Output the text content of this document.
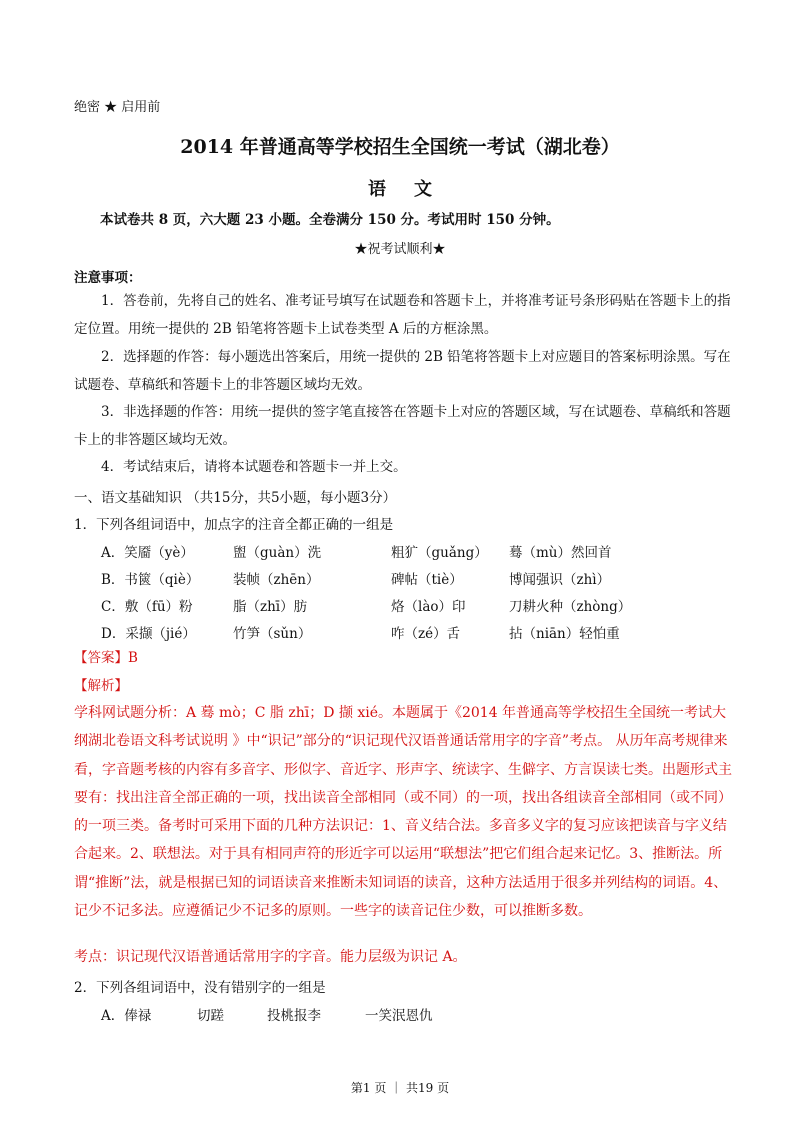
绝密 ★ 启用前
2014 年普通高等学校招生全国统一考试（湖北卷）
语文
本试卷共 8 页，六大题 23 小题。全卷满分 150 分。考试用时 150 分钟。
★祝考试顺利★
注意事项：
1．答卷前，先将自己的姓名、准考证号填写在试题卷和答题卡上，并将准考证号条形码贴在答题卡上的指定位置。用统一提供的 2B 铅笔将答题卡上试卷类型 A 后的方框涂黑。
2．选择题的作答：每小题选出答案后，用统一提供的 2B 铅笔将答题卡上对应题目的答案标明涂黑。写在试题卷、草稿纸和答题卡上的非答题区域均无效。
3．非选择题的作答：用统一提供的签字笔直接答在答题卡上对应的答题区域，写在试题卷、草稿纸和答题卡上的非答题区域均无效。
4．考试结束后，请将本试题卷和答题卡一并上交。
一、语文基础知识 （共15分，共5小题，每小题3分）
1．下列各组词语中，加点字的注音全都正确的一组是
A．笑靥（yè）	盥（guàn）洗	粗犷（guǎng） 蓦（mù）然回首
B．书篋（qiè） 装帧（zhēn）	碑帖（tiè）	博闻强识（zhì）
C．敷（fū）粉	脂（zhī）肪	烙（lào）印	刀耕火种（zhòng）
D．采撷（jié）	竹笋（sǔn）	咋（zé）舌	拈（niān）轻怕重
【答案】B
【解析】
学科网试题分析：A 蓦 mò；C 脂 zhī；D 撷 xié。本题属于《2014 年普通高等学校招生全国统一考试大纲湖北卷语文科考试说明 》中“识记”部分的“识记现代汉语普通话常用字的字音”考点。 从历年高考规律来看，字音题考核的内容有多音字、形似字、音近字、形声字、统读字、生僻字、方言误读七类。出题形式主要有：找出注音全部正确的一项，找出读音全部相同（或不同）的一项，找出各组读音全部相同（或不同）的一项三类。备考时可采用下面的几种方法识记：1、音义结合法。多音多义字的复习应该把读音与字义结合起来。2、联想法。对于具有相同声符的形近字可以运用“联想法”把它们组合起来记忆。3、推断法。所谓“推断”法，就是根据已知的词语读音来推断未知词语的读音，这种方法适用于很多并列结构的词语。4、记少不记多法。应遵循记少不记多的原则。一些字的读音记住少数，可以推断多数。
考点：识记现代汉语普通话常用字的字音。能力层级为识记 A。
2．下列各组词语中，没有错别字的一组是
A．俸禄	切蹉	投桃报李	一笑泯恩仇
第1 页 ｜ 共19 页
